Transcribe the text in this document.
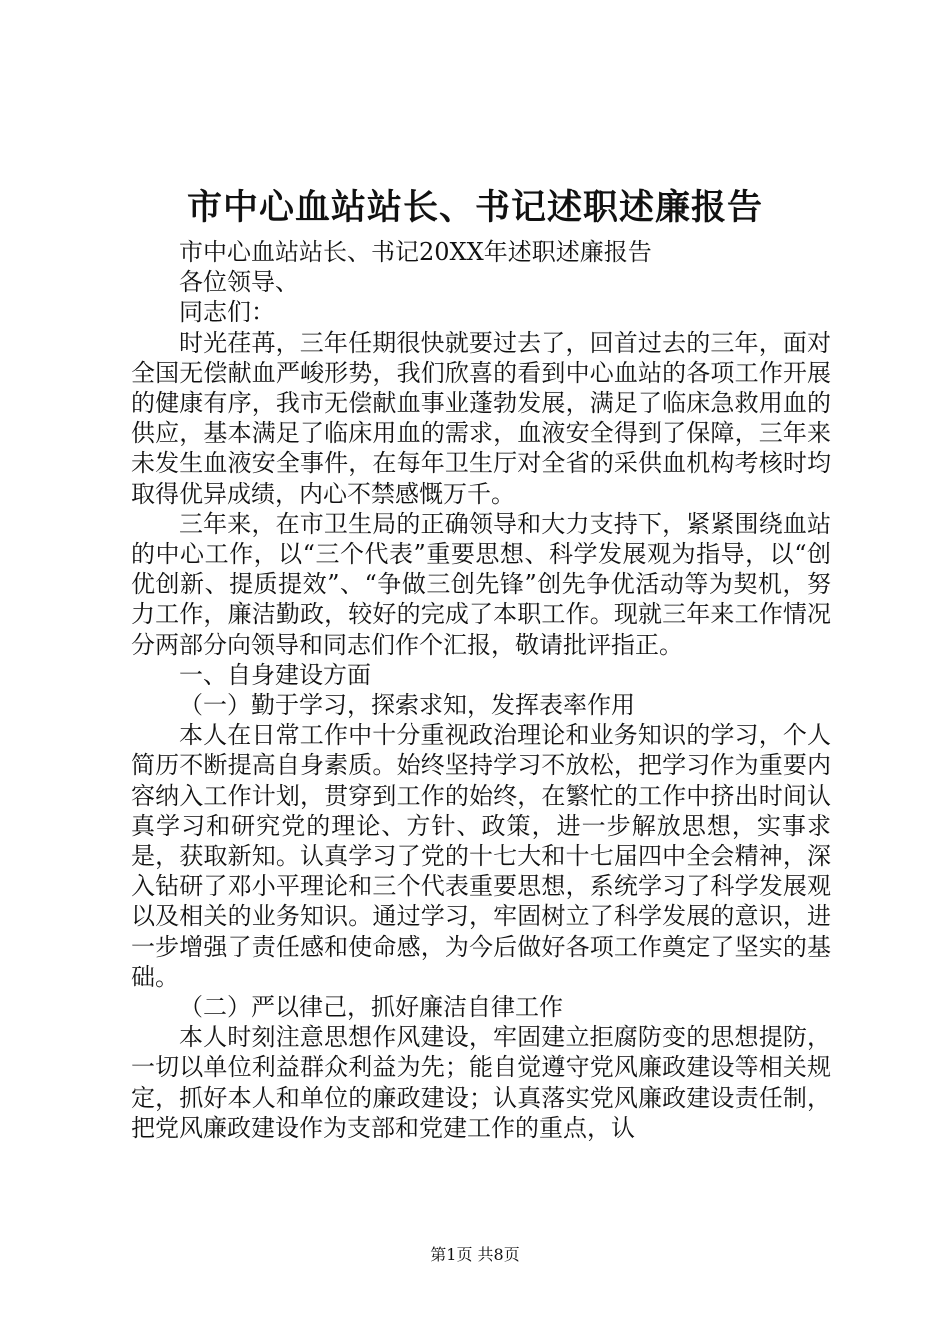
市中心血站站长、书记述职述廉报告

市中心血站站长、书记20XX年述职述廉报告

各位领导、

同志们：

时光荏苒，三年任期很快就要过去了，回首过去的三年，面对全国无偿献血严峻形势，我们欣喜的看到中心血站的各项工作开展的健康有序，我市无偿献血事业蓬勃发展，满足了临床急救用血的供应，基本满足了临床用血的需求，血液安全得到了保障，三年来未发生血液安全事件，在每年卫生厅对全省的采供血机构考核时均取得优异成绩，内心不禁感慨万千。

三年来，在市卫生局的正确领导和大力支持下，紧紧围绕血站的中心工作，以“三个代表”重要思想、科学发展观为指导，以“创优创新、提质提效”、“争做三创先锋”创先争优活动等为契机，努力工作，廉洁勤政，较好的完成了本职工作。现就三年来工作情况分两部分向领导和同志们作个汇报，敬请批评指正。

一、自身建设方面

（一）勤于学习，探索求知，发挥表率作用

本人在日常工作中十分重视政治理论和业务知识的学习，个人简历不断提高自身素质。始终坚持学习不放松，把学习作为重要内容纳入工作计划，贯穿到工作的始终，在繁忙的工作中挤出时间认真学习和研究党的理论、方针、政策，进一步解放思想，实事求是，获取新知。认真学习了党的十七大和十七届四中全会精神，深入钻研了邓小平理论和三个代表重要思想，系统学习了科学发展观以及相关的业务知识。通过学习，牢固树立了科学发展的意识，进一步增强了责任感和使命感，为今后做好各项工作奠定了坚实的基础。

（二）严以律己，抓好廉洁自律工作

本人时刻注意思想作风建设，牢固建立拒腐防变的思想提防，一切以单位利益群众利益为先；能自觉遵守党风廉政建设等相关规定，抓好本人和单位的廉政建设；认真落实党风廉政建设责任制，把党风廉政建设作为支部和党建工作的重点，认

第1页 共8页
